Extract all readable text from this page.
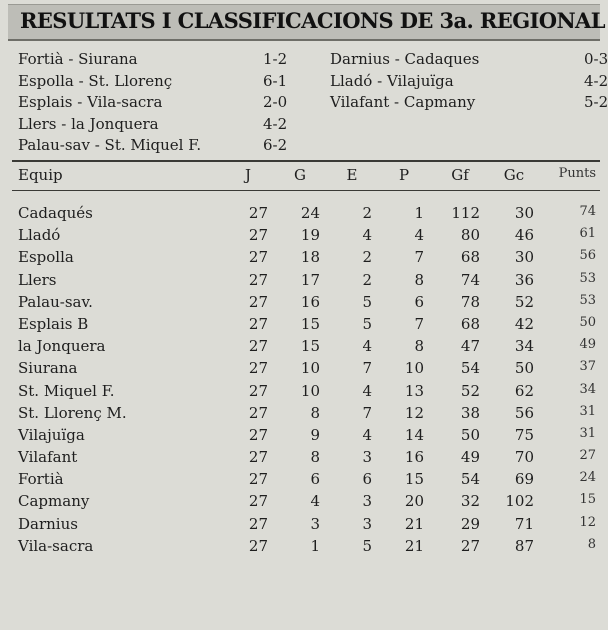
RESULTATS I CLASSIFICACIONS DE 3a. REGIONAL
Fortià - Siurana	1-2
Espolla - St. Llorenç	6-1
Esplais - Vila-sacra	2-0
Llers - la Jonquera	4-2
Palau-sav - St. Miquel F.	6-2
Darnius - Cadaques	0-3
Lladó - Vilajuïga	4-2
Vilafant - Capmany	5-2
Equip	J	G	E	P	Gf	Gc	Punts
Cadaqués	27	24	2	1	112	30	74
Lladó	27	19	4	4	80	46	61
Espolla	27	18	2	7	68	30	56
Llers	27	17	2	8	74	36	53
Palau-sav.	27	16	5	6	78	52	53
Esplais B	27	15	5	7	68	42	50
la Jonquera	27	15	4	8	47	34	49
Siurana	27	10	7	10	54	50	37
St. Miquel F.	27	10	4	13	52	62	34
St. Llorenç M.	27	8	7	12	38	56	31
Vilajuïga	27	9	4	14	50	75	31
Vilafant	27	8	3	16	49	70	27
Fortià	27	6	6	15	54	69	24
Capmany	27	4	3	20	32	102	15
Darnius	27	3	3	21	29	71	12
Vila-sacra	27	1	5	21	27	87	8
